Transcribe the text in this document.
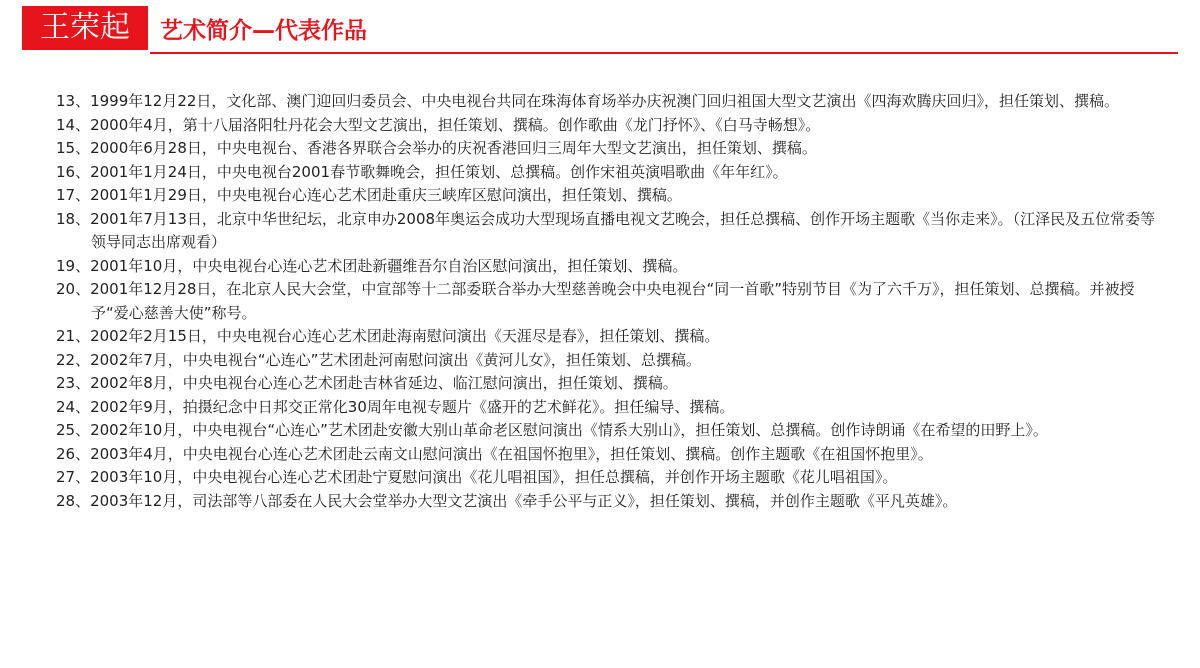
王荣起	艺术简介—代表作品
13、1999年12月22日，文化部、澳门迎回归委员会、中央电视台共同在珠海体育场举办庆祝澳门回归祖国大型文艺演出《四海欢腾庆回归》，担任策划、撰稿。
14、2000年4月，第十八届洛阳牡丹花会大型文艺演出，担任策划、撰稿。创作歌曲《龙门抒怀》、《白马寺畅想》。
15、2000年6月28日，中央电视台、香港各界联合会举办的庆祝香港回归三周年大型文艺演出，担任策划、撰稿。
16、2001年1月24日，中央电视台2001春节歌舞晚会，担任策划、总撰稿。创作宋祖英演唱歌曲《年年红》。
17、2001年1月29日，中央电视台心连心艺术团赴重庆三峡库区慰问演出，担任策划、撰稿。
18、2001年7月13日，北京中华世纪坛，北京申办2008年奥运会成功大型现场直播电视文艺晚会，担任总撰稿、创作开场主题歌《当你走来》。（江泽民及五位常委等领导同志出席观看）
19、2001年10月，中央电视台心连心艺术团赴新疆维吾尔自治区慰问演出，担任策划、撰稿。
20、2001年12月28日，在北京人民大会堂，中宣部等十二部委联合举办大型慈善晚会中央电视台“同一首歌”特别节目《为了六千万》，担任策划、总撰稿。并被授予“爱心慈善大使”称号。
21、2002年2月15日，中央电视台心连心艺术团赴海南慰问演出《天涯尽是春》，担任策划、撰稿。
22、2002年7月，中央电视台“心连心”艺术团赴河南慰问演出《黄河儿女》，担任策划、总撰稿。
23、2002年8月，中央电视台心连心艺术团赴吉林省延边、临江慰问演出，担任策划、撰稿。
24、2002年9月，拍摄纪念中日邦交正常化30周年电视专题片《盛开的艺术鲜花》。担任编导、撰稿。
25、2002年10月，中央电视台“心连心”艺术团赴安徽大别山革命老区慰问演出《情系大别山》，担任策划、总撰稿。创作诗朗诵《在希望的田野上》。
26、2003年4月，中央电视台心连心艺术团赴云南文山慰问演出《在祖国怀抱里》，担任策划、撰稿。创作主题歌《在祖国怀抱里》。
27、2003年10月，中央电视台心连心艺术团赴宁夏慰问演出《花儿唱祖国》，担任总撰稿，并创作开场主题歌《花儿唱祖国》。
28、2003年12月，司法部等八部委在人民大会堂举办大型文艺演出《牵手公平与正义》，担任策划、撰稿，并创作主题歌《平凡英雄》。
